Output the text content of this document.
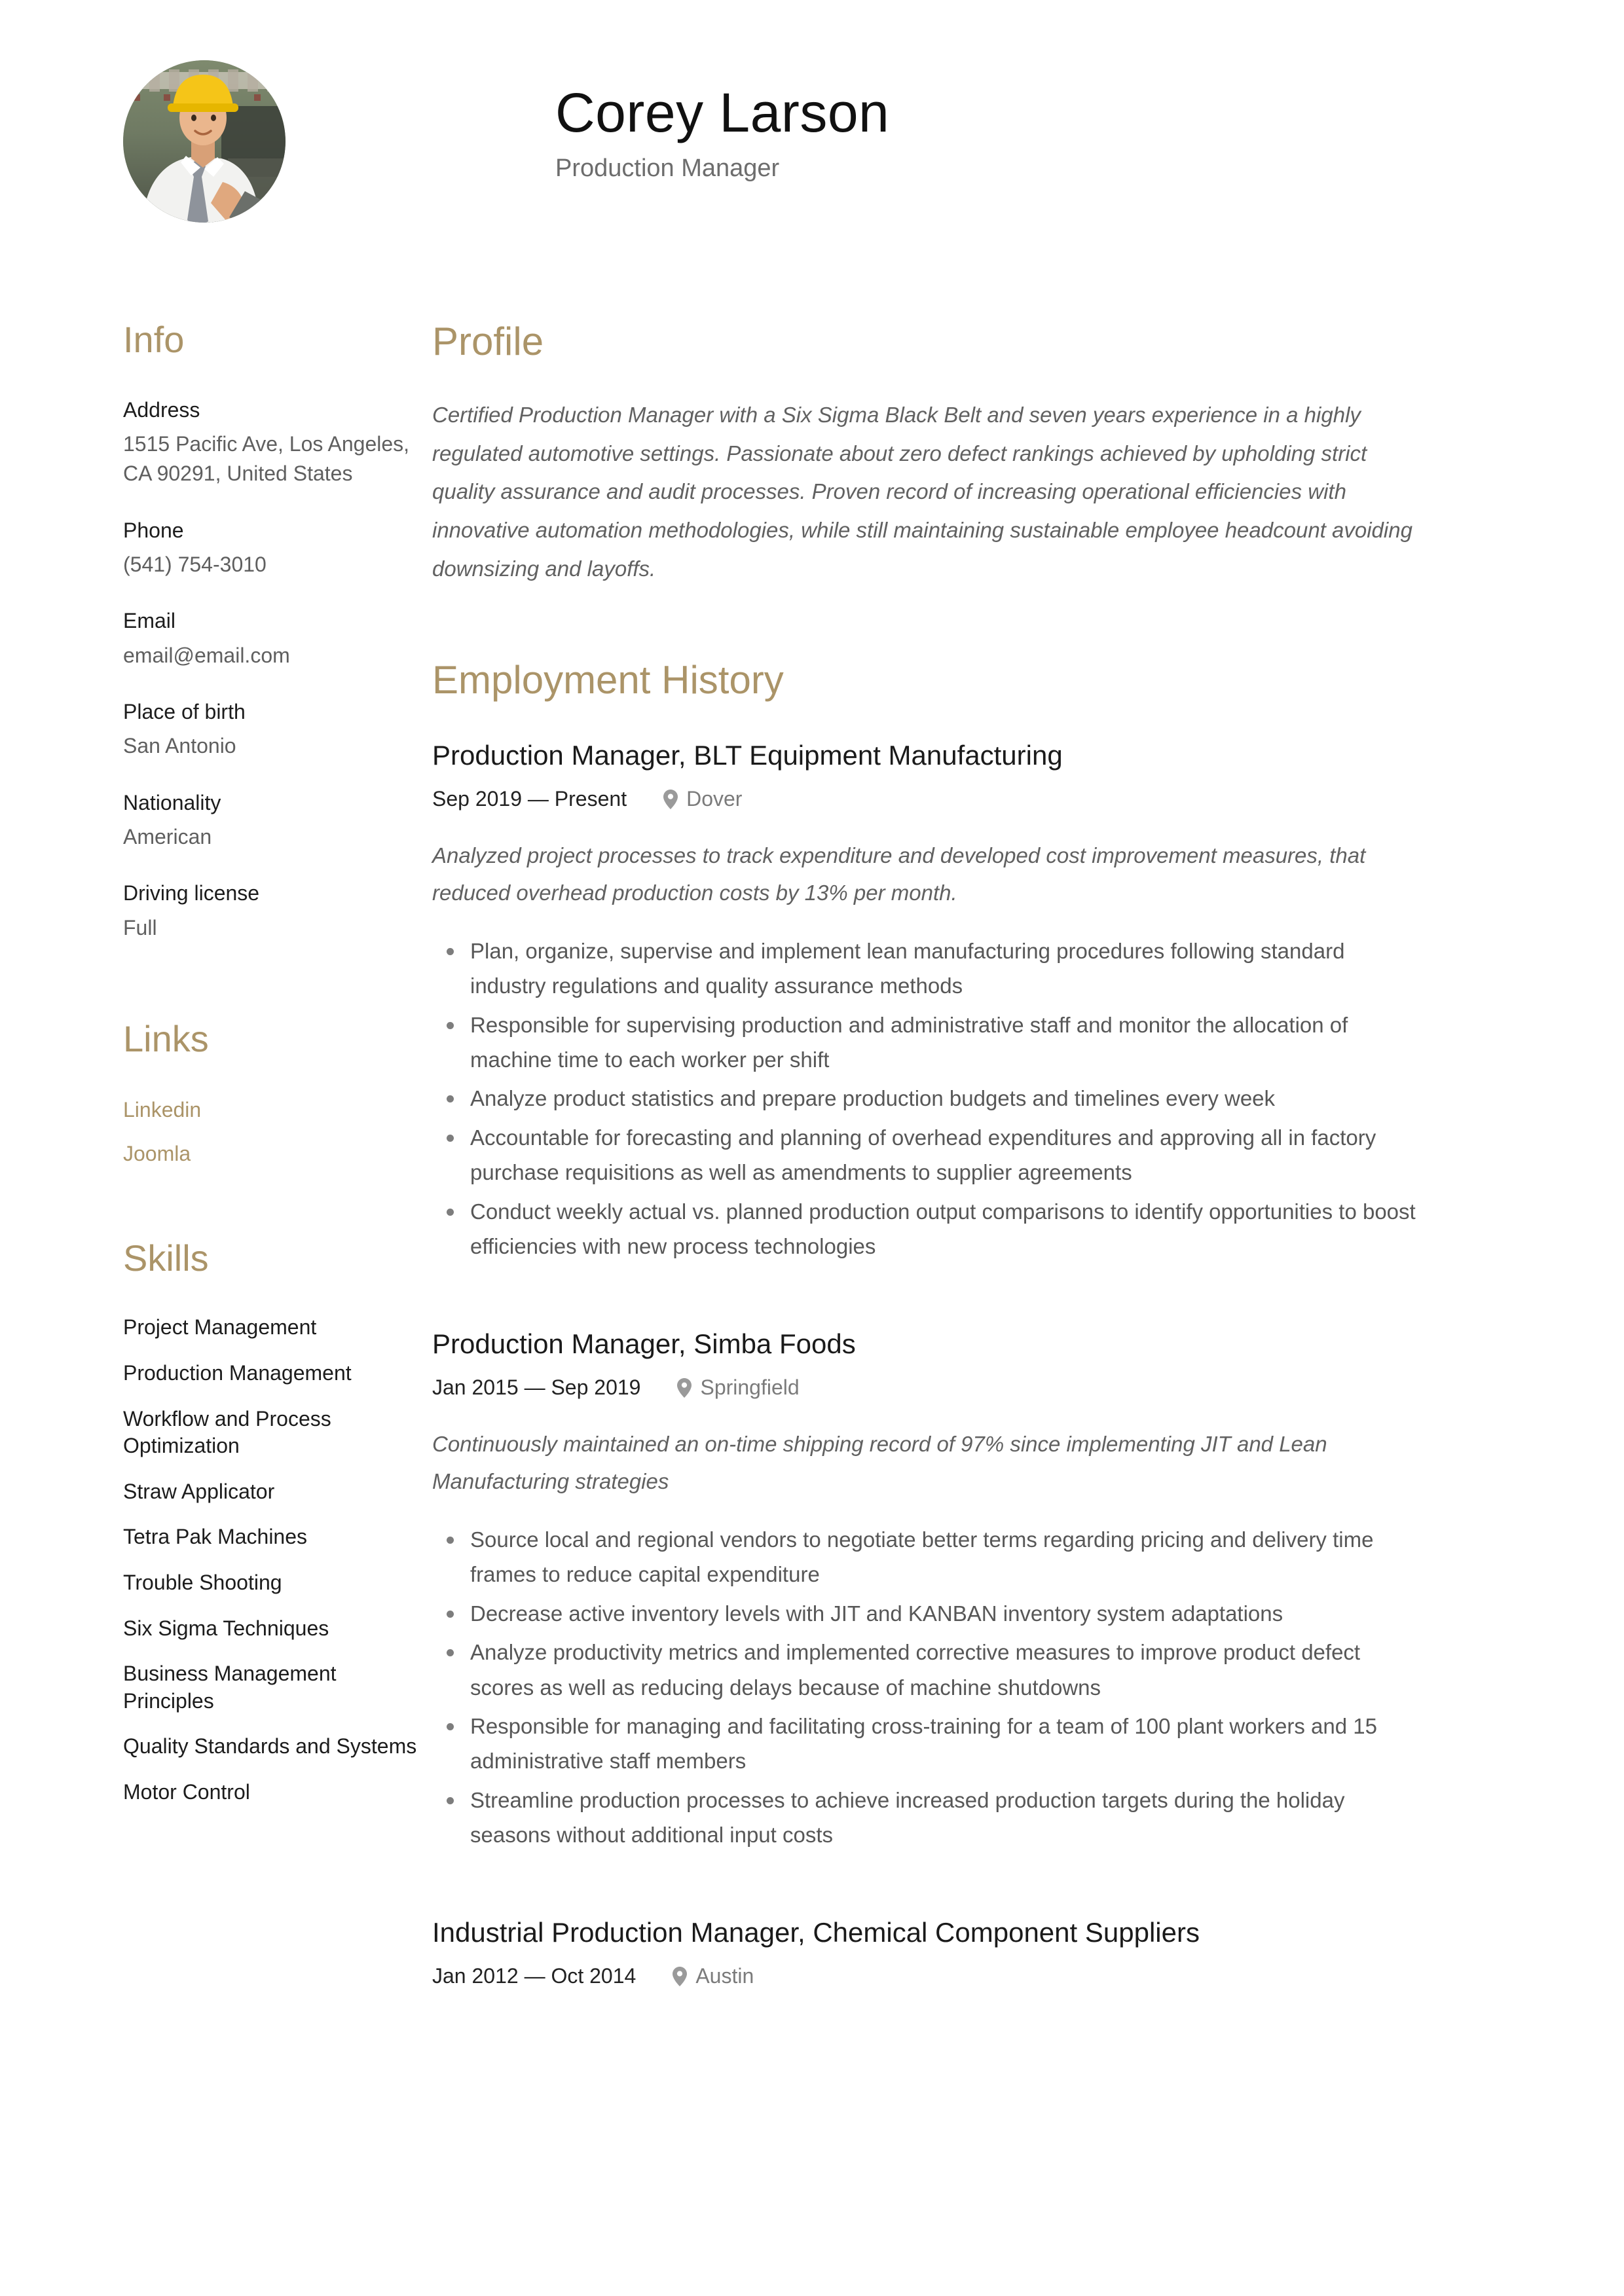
Corey Larson

Production Manager

Info

Address

1515 Pacific Ave, Los Angeles, CA 90291, United States

Phone

(541) 754-3010

Email

email@email.com

Place of birth

San Antonio

Nationality

American

Driving license

Full

Links
Linkedin
Joomla
Skills
Project Management
Production Management
Workflow and Process Optimization
Straw Applicator
Tetra Pak Machines
Trouble Shooting
Six Sigma Techniques
Business Management Principles
Quality Standards and Systems
Motor Control
Profile

Certified Production Manager with a Six Sigma Black Belt and seven years experience in a highly regulated automotive settings. Passionate about zero defect rankings achieved by upholding strict quality assurance and audit processes. Proven record of increasing operational efficiencies with innovative automation methodologies, while still maintaining sustainable employee headcount avoiding downsizing and layoffs.

Employment History
Production Manager, BLT Equipment Manufacturing
Sep 2019 — Present	Dover

Analyzed project processes to track expenditure and developed cost improvement measures, that reduced overhead production costs by 13% per month.

Plan, organize, supervise and implement lean manufacturing procedures following standard industry regulations and quality assurance methods
Responsible for supervising production and administrative staff and monitor the allocation of machine time to each worker per shift
Analyze product statistics and prepare production budgets and timelines every week
Accountable for forecasting and planning of overhead expenditures and approving all in factory purchase requisitions as well as amendments to supplier agreements
Conduct weekly actual vs. planned production output comparisons to identify opportunities to boost efficiencies with new process technologies
Production Manager, Simba Foods
Jan 2015 — Sep 2019	Springfield

Continuously maintained an on-time shipping record of 97% since implementing JIT and Lean Manufacturing strategies

Source local and regional vendors to negotiate better terms regarding pricing and delivery time frames to reduce capital expenditure
Decrease active inventory levels with JIT and KANBAN inventory system adaptations
Analyze productivity metrics and implemented corrective measures to improve product defect scores as well as reducing delays because of machine shutdowns
Responsible for managing and facilitating cross-training for a team of 100 plant workers and 15 administrative staff members
Streamline production processes to achieve increased production targets during the holiday seasons without additional input costs
Industrial Production Manager, Chemical Component Suppliers
Jan 2012 — Oct 2014	Austin
